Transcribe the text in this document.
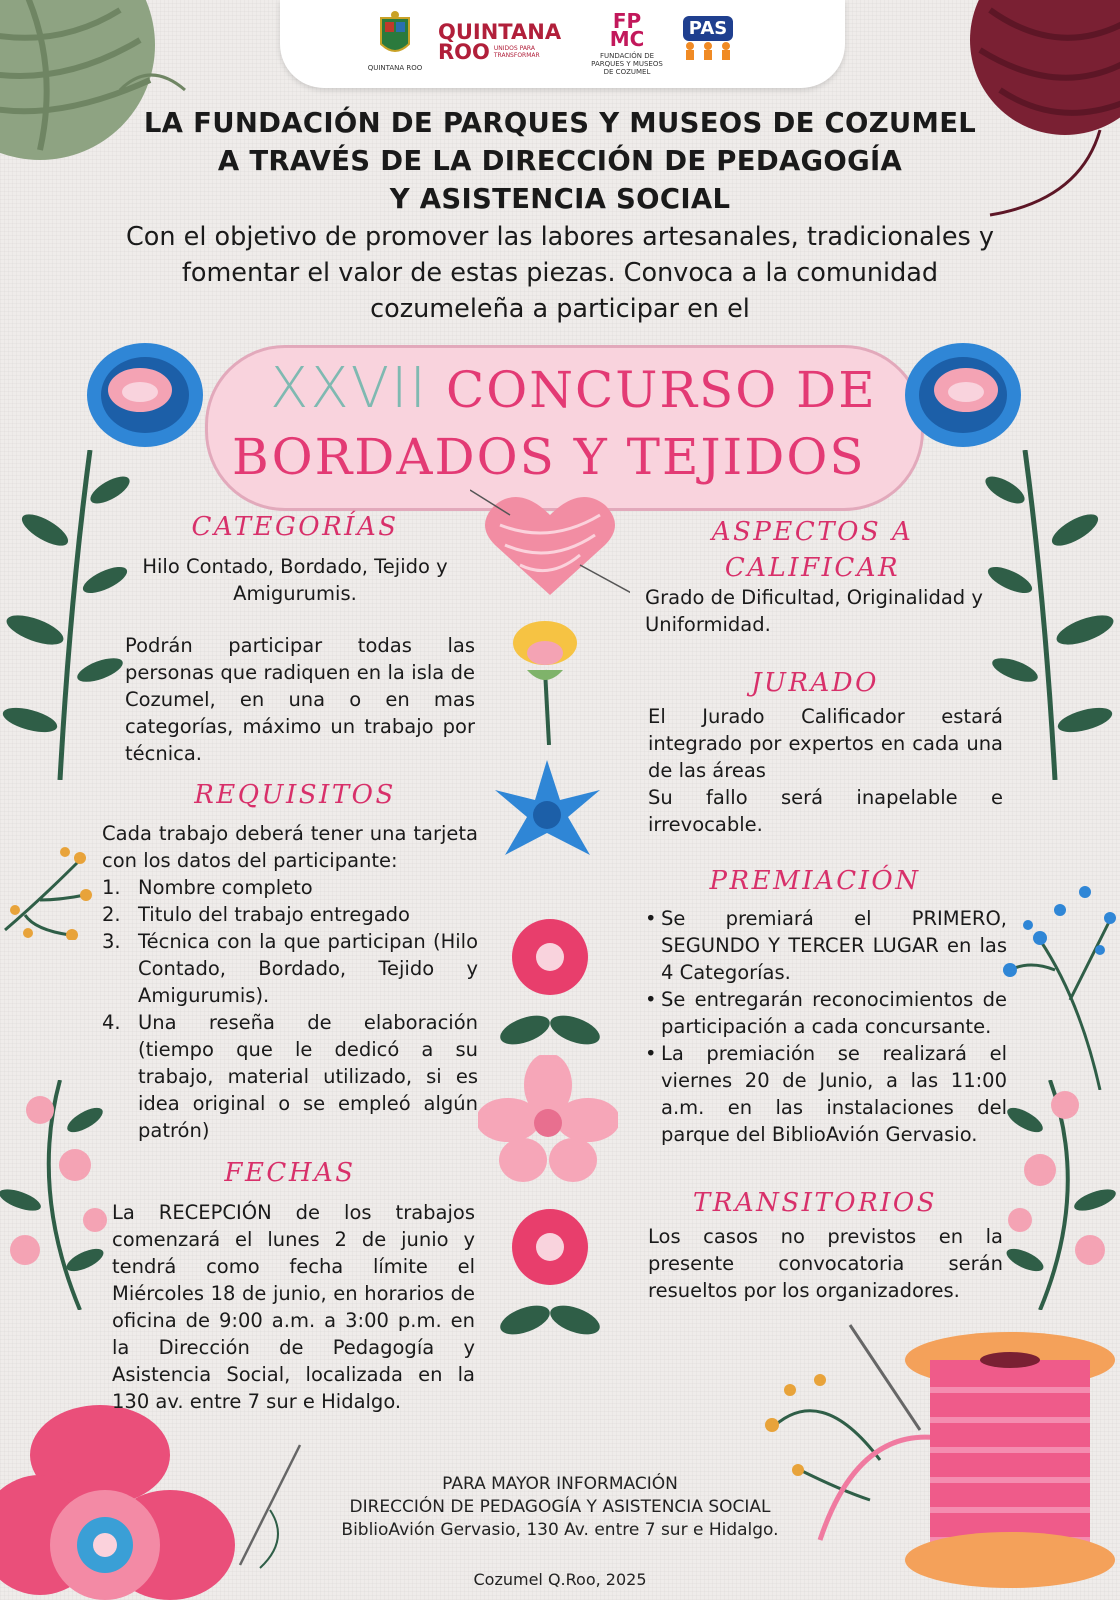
QUINTANA ROO
QUINTANA
ROO UNIDOS PARA TRANSFORMAR
FP MC
FUNDACIÓN DE PARQUES Y MUSEOS DE COZUMEL
PAS
LA FUNDACIÓN DE PARQUES Y MUSEOS DE COZUMEL
A TRAVÉS DE LA DIRECCIÓN DE PEDAGOGÍA
Y ASISTENCIA SOCIAL
Con el objetivo de promover las labores artesanales, tradicionales y
fomentar el valor de estas piezas. Convoca a la comunidad
cozumeleña a participar en el
XXVII CONCURSO DE
BORDADOS Y TEJIDOS
CATEGORÍAS
Hilo Contado, Bordado, Tejido y Amigurumis.
Podrán participar todas las personas que radiquen en la isla de Cozumel, en una o en mas categorías, máximo un trabajo por técnica.
REQUISITOS
Cada trabajo deberá tener una tarjeta con los datos del participante:
1. Nombre completo
2. Titulo del trabajo entregado
3. Técnica con la que participan (Hilo Contado, Bordado, Tejido y Amigurumis).
4. Una reseña de elaboración (tiempo que le dedicó a su trabajo, material utilizado, si es idea original o se empleó algún patrón)
FECHAS
La RECEPCIÓN de los trabajos comenzará el lunes 2 de junio y tendrá como fecha límite el Miércoles 18 de junio, en horarios de oficina de 9:00 a.m. a 3:00 p.m. en la Dirección de Pedagogía y Asistencia Social, localizada en la 130 av. entre 7 sur e Hidalgo.
ASPECTOS A
CALIFICAR
Grado de Dificultad, Originalidad y Uniformidad.
JURADO
El Jurado Calificador estará integrado por expertos en cada una de las áreas
Su fallo será inapelable e irrevocable.
PREMIACIÓN
• Se premiará el PRIMERO, SEGUNDO Y TERCER LUGAR en las 4 Categorías.
• Se entregarán reconocimientos de participación a cada concursante.
• La premiación se realizará el viernes 20 de Junio, a las 11:00 a.m. en las instalaciones del parque del BiblioAvión Gervasio.
TRANSITORIOS
Los casos no previstos en la presente convocatoria serán resueltos por los organizadores.
PARA MAYOR INFORMACIÓN
DIRECCIÓN DE PEDAGOGÍA Y ASISTENCIA SOCIAL
BiblioAvión Gervasio, 130 Av. entre 7 sur e Hidalgo.
Cozumel Q.Roo, 2025
